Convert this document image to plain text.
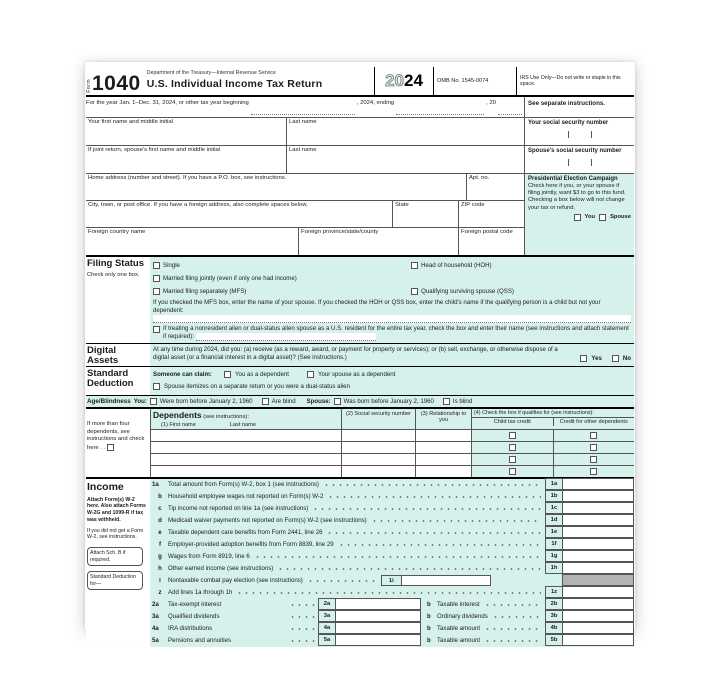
Form 1040 Department of the Treasury—Internal Revenue Service
U.S. Individual Income Tax Return	20 24	OMB No. 1545-0074	IRS Use Only—Do not write or staple in this space.
For the year Jan. 1–Dec. 31, 2024, or other tax year beginning	, 2024, ending	, 20
Your first name and middle initial	Last name
If joint return, spouse's first name and middle initial	Last name
Home address (number and street). If you have a P.O. box, see instructions.	Apt. no.
City, town, or post office. If you have a foreign address, also complete spaces below.	State	ZIP code
Foreign country name	Foreign province/state/county	Foreign postal code
See separate instructions.
Your social security number
Spouse's social security number
Presidential Election Campaign
Check here if you, or your spouse if filing jointly, want $3 to go to this fund. Checking a box below will not change your tax or refund.
You	Spouse
Filing Status
Check only one box.
Single	Head of household (HOH)
Married filing jointly (even if only one had income)
Married filing separately (MFS)	Qualifying surviving spouse (QSS)
If you checked the MFS box, enter the name of your spouse. If you checked the HOH or QSS box, enter the child's name if the qualifying person is a child but not your dependent:
If treating a nonresident alien or dual-status alien spouse as a U.S. resident for the entire tax year, check the box and enter their name (see instructions and attach statement if required):
Digital
Assets
At any time during 2024, did you: (a) receive (as a reward, award, or payment for property or services); or (b) sell, exchange, or otherwise dispose of a digital asset (or a financial interest in a digital asset)? (See instructions.)	Yes	No
Standard
Deduction
Someone can claim:	You as a dependent	Your spouse as a dependent
Spouse itemizes on a separate return or you were a dual-status alien
Age/Blindness You: Were born before January 2, 1960	Are blind Spouse: Was born before January 2, 1960	Is blind
If more than four dependents, see instructions and check here . .
Dependents (see instructions):
(1) First name	Last name
(2) Social security number	(3) Relationship to you
(4) Check the box if qualifies for (see instructions):
Child tax credit	Credit for other dependents
Income
Attach Form(s) W-2 here. Also attach Forms W-2G and 1099-R if tax was withheld.
If you did not get a Form W-2, see instructions.
Attach Sch. B if required.
Standard Deduction for—
1a	Total amount from Form(s) W-2, box 1 (see instructions)	1a
b	Household employee wages not reported on Form(s) W-2	1b
c	Tip income not reported on line 1a (see instructions)	1c
d	Medicaid waiver payments not reported on Form(s) W-2 (see instructions)	1d
e	Taxable dependent care benefits from Form 2441, line 26	1e
f	Employer-provided adoption benefits from Form 8839, line 29	1f
g	Wages from Form 8919, line 6	1g
h	Other earned income (see instructions)	1h
i	Nontaxable combat pay election (see instructions)	1i
z	Add lines 1a through 1h	1z
2a	Tax-exempt interest	2a	b	Taxable interest	2b
3a	Qualified dividends	3a	b	Ordinary dividends	3b
4a	IRA distributions	4a	b	Taxable amount	4b
5a	Pensions and annuities	5a	b	Taxable amount	5b
